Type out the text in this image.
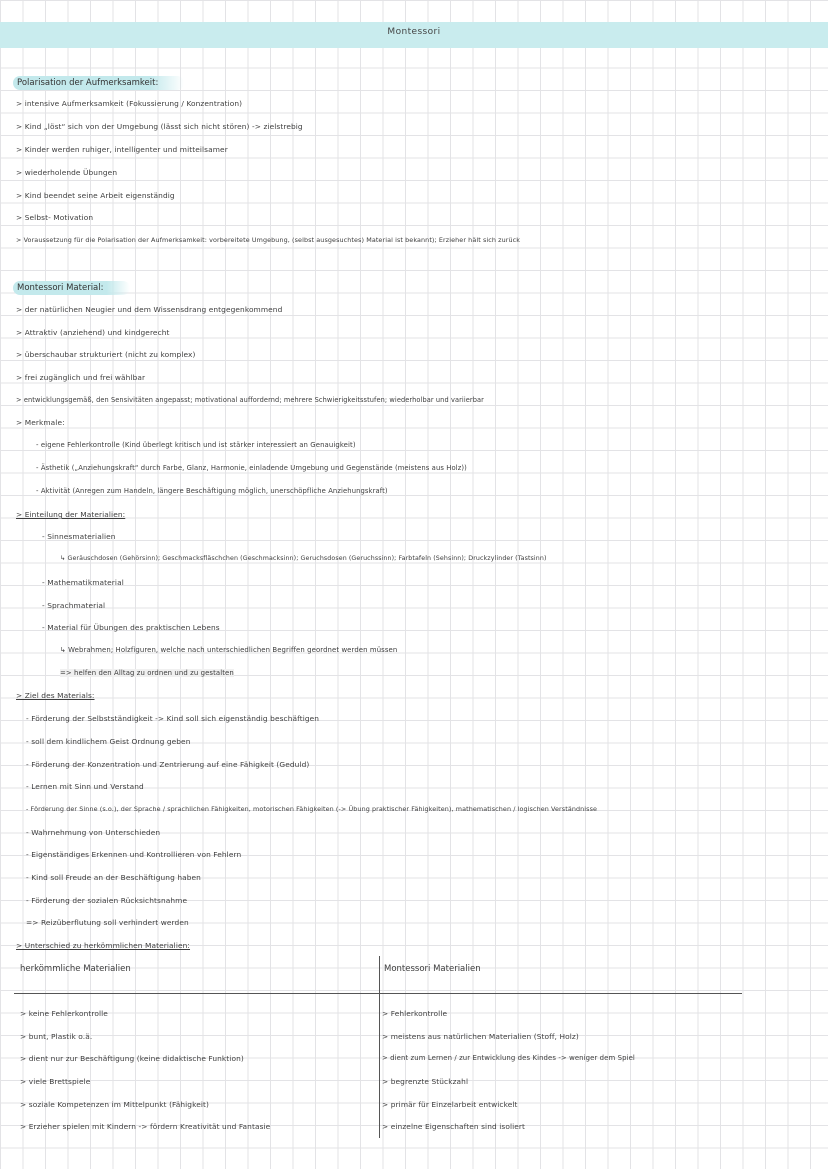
Montessori
Polarisation der Aufmerksamkeit:
> intensive Aufmerksamkeit (Fokussierung / Konzentration)
> Kind „löst“ sich von der Umgebung (lässt sich nicht stören) -> zielstrebig
> Kinder werden ruhiger, intelligenter und mitteilsamer
> wiederholende Übungen
> Kind beendet seine Arbeit eigenständig
> Selbst- Motivation
> Voraussetzung für die Polarisation der Aufmerksamkeit: vorbereitete Umgebung, (selbst ausgesuchtes) Material ist bekannt); Erzieher hält sich zurück
Montessori Material:
> der natürlichen Neugier und dem Wissensdrang entgegenkommend
> Attraktiv (anziehend) und kindgerecht
> überschaubar strukturiert (nicht zu komplex)
> frei zugänglich und frei wählbar
> entwicklungsgemäß, den Sensivitäten angepasst; motivational auffordernd; mehrere Schwierigkeitsstufen; wiederholbar und variierbar
> Merkmale:
- eigene Fehlerkontrolle (Kind überlegt kritisch und ist stärker interessiert an Genauigkeit)
- Ästhetik („Anziehungskraft“ durch Farbe, Glanz, Harmonie, einladende Umgebung und Gegenstände (meistens aus Holz))
- Aktivität (Anregen zum Handeln, längere Beschäftigung möglich, unerschöpfliche Anziehungskraft)
> Einteilung der Materialien:
- Sinnesmaterialien
↳ Geräuschdosen (Gehörsinn); Geschmacksfläschchen (Geschmacksinn); Geruchsdosen (Geruchssinn); Farbtafeln (Sehsinn); Druckzylinder (Tastsinn)
- Mathematikmaterial
- Sprachmaterial
- Material für Übungen des praktischen Lebens
↳ Webrahmen; Holzfiguren, welche nach unterschiedlichen Begriffen geordnet werden müssen
=> helfen den Alltag zu ordnen und zu gestalten
> Ziel des Materials:
- Förderung der Selbstständigkeit -> Kind soll sich eigenständig beschäftigen
- soll dem kindlichem Geist Ordnung geben
- Förderung der Konzentration und Zentrierung auf eine Fähigkeit (Geduld)
- Lernen mit Sinn und Verstand
- Förderung der Sinne (s.o.), der Sprache / sprachlichen Fähigkeiten, motorischen Fähigkeiten (-> Übung praktischer Fähigkeiten), mathematischen / logischen Verständnisse
- Wahrnehmung von Unterschieden
- Eigenständiges Erkennen und Kontrollieren von Fehlern
- Kind soll Freude an der Beschäftigung haben
- Förderung der sozialen Rücksichtsnahme
=> Reizüberflutung soll verhindert werden
> Unterschied zu herkömmlichen Materialien:
herkömmliche Materialien	Montessori Materialien
> keine Fehlerkontrolle
> bunt, Plastik o.ä.
> dient nur zur Beschäftigung (keine didaktische Funktion)
> viele Brettspiele
> soziale Kompetenzen im Mittelpunkt (Fähigkeit)
> Erzieher spielen mit Kindern -> fördern Kreativität und Fantasie
> Fehlerkontrolle
> meistens aus natürlichen Materialien (Stoff, Holz)
> dient zum Lernen / zur Entwicklung des Kindes -> weniger dem Spiel
> begrenzte Stückzahl
> primär für Einzelarbeit entwickelt
> einzelne Eigenschaften sind isoliert
